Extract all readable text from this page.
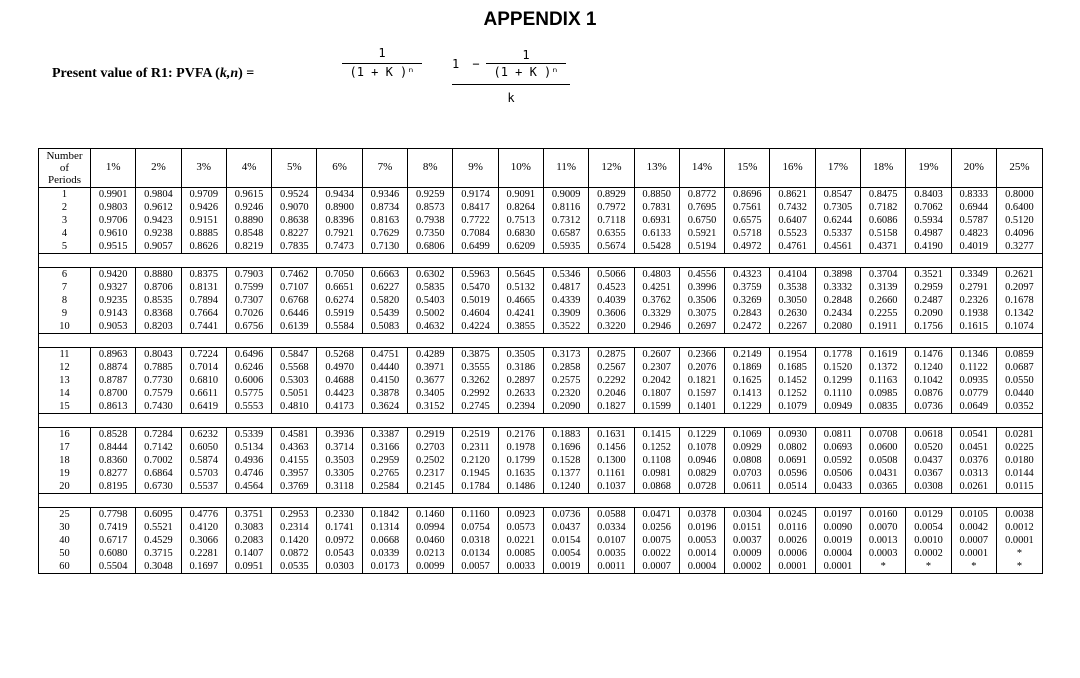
APPENDIX 1
Present value of R1: PVFA (k,n) =
1
(1 + K )ⁿ
1	−
1
(1 + K )ⁿ
k
Number
of
Periods	1%	2%	3%	4%	5%	6%	7%	8%	9%	10%	11%	12%	13%	14%	15%	16%	17%	18%	19%	20%	25%
1	0.9901	0.9804	0.9709	0.9615	0.9524	0.9434	0.9346	0.9259	0.9174	0.9091	0.9009	0.8929	0.8850	0.8772	0.8696	0.8621	0.8547	0.8475	0.8403	0.8333	0.8000
2	0.9803	0.9612	0.9426	0.9246	0.9070	0.8900	0.8734	0.8573	0.8417	0.8264	0.8116	0.7972	0.7831	0.7695	0.7561	0.7432	0.7305	0.7182	0.7062	0.6944	0.6400
3	0.9706	0.9423	0.9151	0.8890	0.8638	0.8396	0.8163	0.7938	0.7722	0.7513	0.7312	0.7118	0.6931	0.6750	0.6575	0.6407	0.6244	0.6086	0.5934	0.5787	0.5120
4	0.9610	0.9238	0.8885	0.8548	0.8227	0.7921	0.7629	0.7350	0.7084	0.6830	0.6587	0.6355	0.6133	0.5921	0.5718	0.5523	0.5337	0.5158	0.4987	0.4823	0.4096
5	0.9515	0.9057	0.8626	0.8219	0.7835	0.7473	0.7130	0.6806	0.6499	0.6209	0.5935	0.5674	0.5428	0.5194	0.4972	0.4761	0.4561	0.4371	0.4190	0.4019	0.3277

6	0.9420	0.8880	0.8375	0.7903	0.7462	0.7050	0.6663	0.6302	0.5963	0.5645	0.5346	0.5066	0.4803	0.4556	0.4323	0.4104	0.3898	0.3704	0.3521	0.3349	0.2621
7	0.9327	0.8706	0.8131	0.7599	0.7107	0.6651	0.6227	0.5835	0.5470	0.5132	0.4817	0.4523	0.4251	0.3996	0.3759	0.3538	0.3332	0.3139	0.2959	0.2791	0.2097
8	0.9235	0.8535	0.7894	0.7307	0.6768	0.6274	0.5820	0.5403	0.5019	0.4665	0.4339	0.4039	0.3762	0.3506	0.3269	0.3050	0.2848	0.2660	0.2487	0.2326	0.1678
9	0.9143	0.8368	0.7664	0.7026	0.6446	0.5919	0.5439	0.5002	0.4604	0.4241	0.3909	0.3606	0.3329	0.3075	0.2843	0.2630	0.2434	0.2255	0.2090	0.1938	0.1342
10	0.9053	0.8203	0.7441	0.6756	0.6139	0.5584	0.5083	0.4632	0.4224	0.3855	0.3522	0.3220	0.2946	0.2697	0.2472	0.2267	0.2080	0.1911	0.1756	0.1615	0.1074

11	0.8963	0.8043	0.7224	0.6496	0.5847	0.5268	0.4751	0.4289	0.3875	0.3505	0.3173	0.2875	0.2607	0.2366	0.2149	0.1954	0.1778	0.1619	0.1476	0.1346	0.0859
12	0.8874	0.7885	0.7014	0.6246	0.5568	0.4970	0.4440	0.3971	0.3555	0.3186	0.2858	0.2567	0.2307	0.2076	0.1869	0.1685	0.1520	0.1372	0.1240	0.1122	0.0687
13	0.8787	0.7730	0.6810	0.6006	0.5303	0.4688	0.4150	0.3677	0.3262	0.2897	0.2575	0.2292	0.2042	0.1821	0.1625	0.1452	0.1299	0.1163	0.1042	0.0935	0.0550
14	0.8700	0.7579	0.6611	0.5775	0.5051	0.4423	0.3878	0.3405	0.2992	0.2633	0.2320	0.2046	0.1807	0.1597	0.1413	0.1252	0.1110	0.0985	0.0876	0.0779	0.0440
15	0.8613	0.7430	0.6419	0.5553	0.4810	0.4173	0.3624	0.3152	0.2745	0.2394	0.2090	0.1827	0.1599	0.1401	0.1229	0.1079	0.0949	0.0835	0.0736	0.0649	0.0352

16	0.8528	0.7284	0.6232	0.5339	0.4581	0.3936	0.3387	0.2919	0.2519	0.2176	0.1883	0.1631	0.1415	0.1229	0.1069	0.0930	0.0811	0.0708	0.0618	0.0541	0.0281
17	0.8444	0.7142	0.6050	0.5134	0.4363	0.3714	0.3166	0.2703	0.2311	0.1978	0.1696	0.1456	0.1252	0.1078	0.0929	0.0802	0.0693	0.0600	0.0520	0.0451	0.0225
18	0.8360	0.7002	0.5874	0.4936	0.4155	0.3503	0.2959	0.2502	0.2120	0.1799	0.1528	0.1300	0.1108	0.0946	0.0808	0.0691	0.0592	0.0508	0.0437	0.0376	0.0180
19	0.8277	0.6864	0.5703	0.4746	0.3957	0.3305	0.2765	0.2317	0.1945	0.1635	0.1377	0.1161	0.0981	0.0829	0.0703	0.0596	0.0506	0.0431	0.0367	0.0313	0.0144
20	0.8195	0.6730	0.5537	0.4564	0.3769	0.3118	0.2584	0.2145	0.1784	0.1486	0.1240	0.1037	0.0868	0.0728	0.0611	0.0514	0.0433	0.0365	0.0308	0.0261	0.0115

25	0.7798	0.6095	0.4776	0.3751	0.2953	0.2330	0.1842	0.1460	0.1160	0.0923	0.0736	0.0588	0.0471	0.0378	0.0304	0.0245	0.0197	0.0160	0.0129	0.0105	0.0038
30	0.7419	0.5521	0.4120	0.3083	0.2314	0.1741	0.1314	0.0994	0.0754	0.0573	0.0437	0.0334	0.0256	0.0196	0.0151	0.0116	0.0090	0.0070	0.0054	0.0042	0.0012
40	0.6717	0.4529	0.3066	0.2083	0.1420	0.0972	0.0668	0.0460	0.0318	0.0221	0.0154	0.0107	0.0075	0.0053	0.0037	0.0026	0.0019	0.0013	0.0010	0.0007	0.0001
50	0.6080	0.3715	0.2281	0.1407	0.0872	0.0543	0.0339	0.0213	0.0134	0.0085	0.0054	0.0035	0.0022	0.0014	0.0009	0.0006	0.0004	0.0003	0.0002	0.0001	*
60	0.5504	0.3048	0.1697	0.0951	0.0535	0.0303	0.0173	0.0099	0.0057	0.0033	0.0019	0.0011	0.0007	0.0004	0.0002	0.0001	0.0001	*	*	*	*
